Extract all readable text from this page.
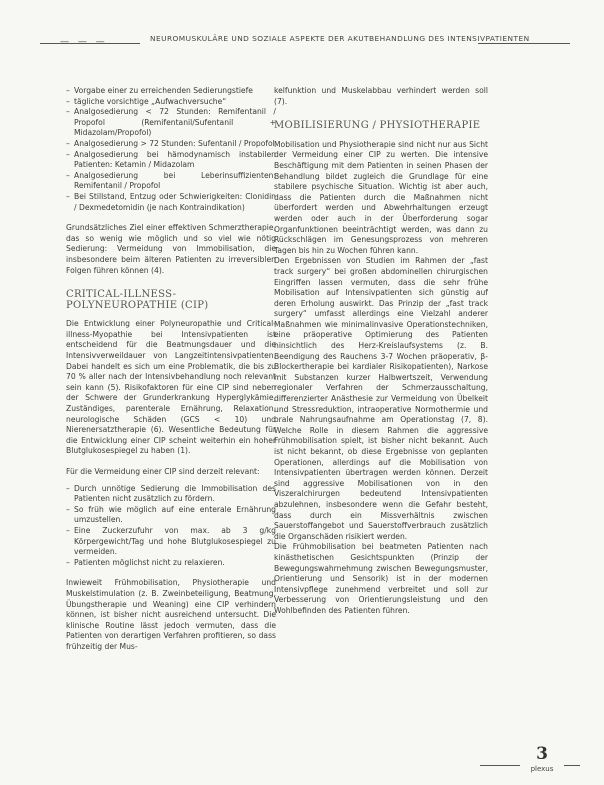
— — —	NEUROMUSKULÄRE UND SOZIALE ASPEKTE DER AKUTBEHANDLUNG DES INTENSIVPATIENTEN
– Vorgabe einer zu erreichenden Sedierungstiefe
– tägliche vorsichtige „Aufwachversuche“
– Analgosedierung < 72 Stunden: Remifentanil / Propofol (Remifentanil/Sufentanil + Midazolam/Propofol)
– Analgosedierung > 72 Stunden: Sufentanil / Propofol
– Analgosedierung bei hämodynamisch instabilen Patienten: Ketamin / Midazolam
– Analgosedierung bei Leberinsuffizienten: Remifentanil / Propofol
– Bei Stillstand, Entzug oder Schwierigkeiten: Clonidin / Dexmedetomidin (je nach Kontraindikation)

Grundsätzliches Ziel einer effektiven Schmerztherapie, das so wenig wie möglich und so viel wie nötig Sedierung: Vermeidung von Immobilisation, die insbesondere beim älteren Patienten zu irreversiblen Folgen führen können (4).

CRITICAL-ILLNESS-POLYNEUROPATHIE (CIP)

Die Entwicklung einer Polyneuropathie und Critical-illness-Myopathie bei Intensivpatienten ist entscheidend für die Beatmungsdauer und die Intensivverweildauer von Langzeitintensivpatienten. Dabei handelt es sich um eine Problematik, die bis zu 70 % aller nach der Intensivbehandlung noch relevant sein kann (5). Risikofaktoren für eine CIP sind neben der Schwere der Grunderkrankung Hyperglykämie, Zuständiges, parenterale Ernährung, Relaxation, neurologische Schäden (GCS < 10) und Nierenersatztherapie (6). Wesentliche Bedeutung für die Entwicklung einer CIP scheint weiterhin ein hoher Blutglukosespiegel zu haben (1).

Für die Vermeidung einer CIP sind derzeit relevant:

– Durch unnötige Sedierung die Immobilisation des Patienten nicht zusätzlich zu fördern.
– So früh wie möglich auf eine enterale Ernährung umzustellen.
– Eine Zuckerzufuhr von max. ab 3 g/kg Körpergewicht/Tag und hohe Blutglukosespiegel zu vermeiden.
– Patienten möglichst nicht zu relaxieren.

Inwieweit Frühmobilisation, Physiotherapie und Muskelstimulation (z. B. Zweinbeteiligung, Beatmung, Übungstherapie und Weaning) eine CIP verhindern können, ist bisher nicht ausreichend untersucht. Die klinische Routine lässt jedoch vermuten, dass die Patienten von derartigen Verfahren profitieren, so dass frühzeitig der Mus-

kelfunktion und Muskelabbau verhindert werden soll (7).

MOBILISIERUNG / PHYSIOTHERAPIE

Mobilisation und Physiotherapie sind nicht nur aus Sicht der Vermeidung einer CIP zu werten. Die intensive Beschäftigung mit dem Patienten in seinen Phasen der Behandlung bildet zugleich die Grundlage für eine stabilere psychische Situation. Wichtig ist aber auch, dass die Patienten durch die Maßnahmen nicht überfordert werden und Abwehrhaltungen erzeugt werden oder auch in der Überforderung sogar Organfunktionen beeinträchtigt werden, was dann zu Rückschlägen im Genesungsprozess von mehreren Tagen bis hin zu Wochen führen kann.

Den Ergebnissen von Studien im Rahmen der „fast track surgery“ bei großen abdominellen chirurgischen Eingriffen lassen vermuten, dass die sehr frühe Mobilisation auf Intensivpatienten sich günstig auf deren Erholung auswirkt. Das Prinzip der „fast track surgery“ umfasst allerdings eine Vielzahl anderer Maßnahmen wie minimalinvasive Operationstechniken, eine präoperative Optimierung des Patienten hinsichtlich des Herz-Kreislaufsystems (z. B. Beendigung des Rauchens 3-7 Wochen präoperativ, β-Blockertherapie bei kardialer Risikopatienten), Narkose mit Substanzen kurzer Halbwertszeit, Verwendung regionaler Verfahren der Schmerzausschaltung, differenzierter Anästhesie zur Vermeidung von Übelkeit und Stressreduktion, intraoperative Normothermie und orale Nahrungsaufnahme am Operationstag (7, 8). Welche Rolle in diesem Rahmen die aggressive Frühmobilisation spielt, ist bisher nicht bekannt. Auch ist nicht bekannt, ob diese Ergebnisse von geplanten Operationen, allerdings auf die Mobilisation von Intensivpatienten übertragen werden können. Derzeit sind aggressive Mobilisationen von in den Viszeralchirurgen bedeutend Intensivpatienten abzulehnen, insbesondere wenn die Gefahr besteht, dass durch ein Missverhältnis zwischen Sauerstoffangebot und Sauerstoffverbrauch zusätzlich die Organschäden risikiert werden.

Die Frühmobilisation bei beatmeten Patienten nach kinästhetischen Gesichtspunkten (Prinzip der Bewegungswahrnehmung zwischen Bewegungsmuster, Orientierung und Sensorik) ist in der modernen Intensivpflege zunehmend verbreitet und soll zur Verbesserung von Orientierungsleistung und den Wohlbefinden des Patienten führen.

3
plexus
